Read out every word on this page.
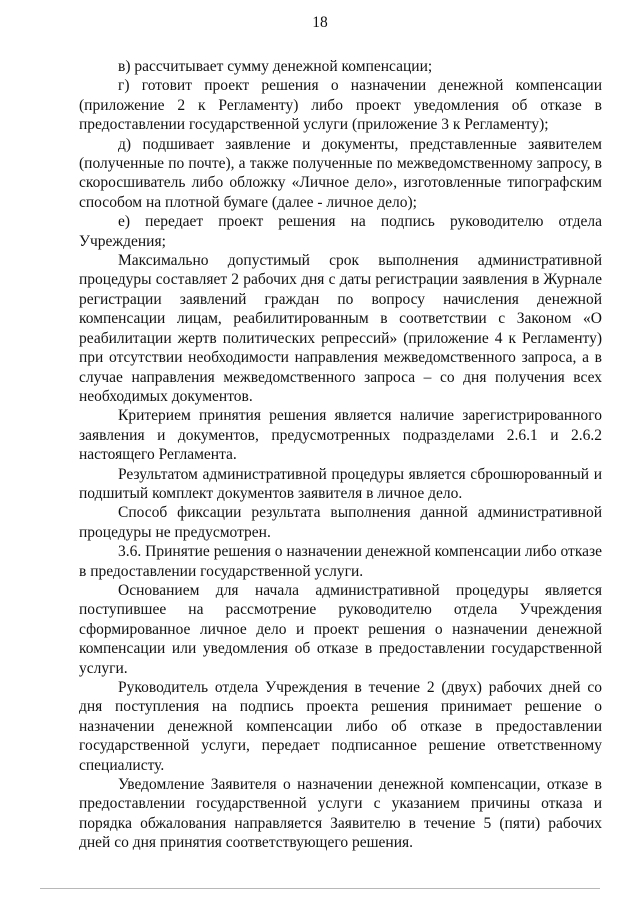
18

в) рассчитывает сумму денежной компенсации;

г) готовит проект решения о назначении денежной компенсации (приложение 2 к Регламенту) либо проект уведомления об отказе в предоставлении государственной услуги (приложение 3 к Регламенту);

д) подшивает заявление и документы, представленные заявителем (полученные по почте), а также полученные по межведомственному запросу, в скоросшиватель либо обложку «Личное дело», изготовленные типографским способом на плотной бумаге (далее - личное дело);

е) передает проект решения на подпись руководителю отдела Учреждения;

Максимально допустимый срок выполнения административной процедуры составляет 2 рабочих дня с даты регистрации заявления в Журнале регистрации заявлений граждан по вопросу начисления денежной компенсации лицам, реабилитированным в соответствии с Законом «О реабилитации жертв политических репрессий» (приложение 4 к Регламенту) при отсутствии необходимости направления межведомственного запроса, а в случае направления межведомственного запроса – со дня получения всех необходимых документов.

Критерием принятия решения является наличие зарегистрированного заявления и документов, предусмотренных подразделами 2.6.1 и 2.6.2 настоящего Регламента.

Результатом административной процедуры является сброшюрованный и подшитый комплект документов заявителя в личное дело.

Способ фиксации результата выполнения данной административной процедуры не предусмотрен.

3.6. Принятие решения о назначении денежной компенсации либо отказе в предоставлении государственной услуги.

Основанием для начала административной процедуры является поступившее на рассмотрение руководителю отдела Учреждения сформированное личное дело и проект решения о назначении денежной компенсации или уведомления об отказе в предоставлении государственной услуги.

Руководитель отдела Учреждения в течение 2 (двух) рабочих дней со дня поступления на подпись проекта решения принимает решение о назначении денежной компенсации либо об отказе в предоставлении государственной услуги, передает подписанное решение ответственному специалисту.

Уведомление Заявителя о назначении денежной компенсации, отказе в предоставлении государственной услуги с указанием причины отказа и порядка обжалования направляется Заявителю в течение 5 (пяти) рабочих дней со дня принятия соответствующего решения.
